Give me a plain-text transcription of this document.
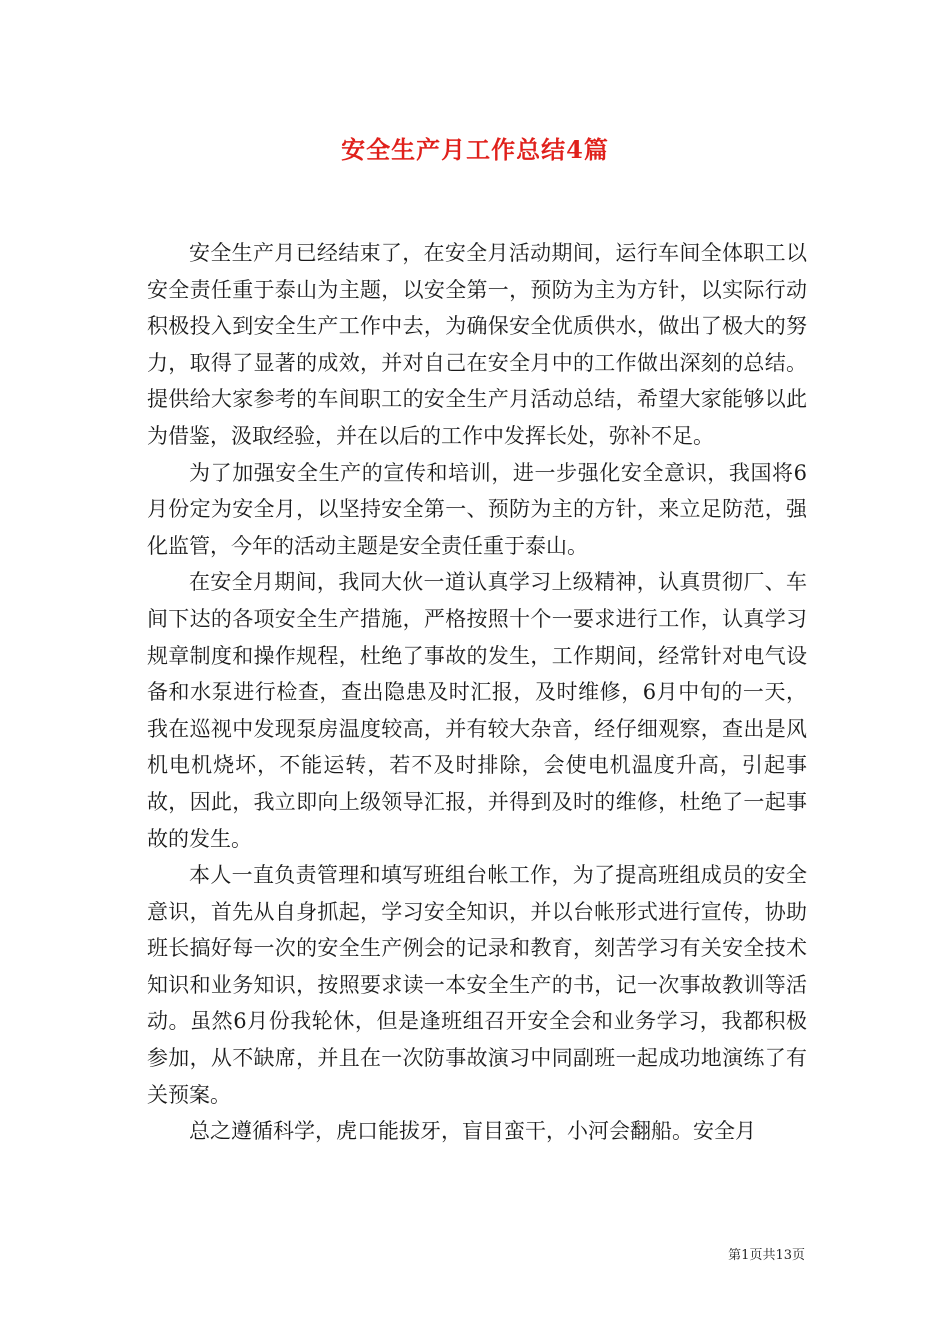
安全生产月工作总结4篇

安全生产月已经结束了，在安全月活动期间，运行车间全体职工以安全责任重于泰山为主题，以安全第一，预防为主为方针，以实际行动积极投入到安全生产工作中去，为确保安全优质供水，做出了极大的努力，取得了显著的成效，并对自己在安全月中的工作做出深刻的总结。提供给大家参考的车间职工的安全生产月活动总结，希望大家能够以此为借鉴，汲取经验，并在以后的工作中发挥长处，弥补不足。

为了加强安全生产的宣传和培训，进一步强化安全意识，我国将6月份定为安全月，以坚持安全第一、预防为主的方针，来立足防范，强化监管，今年的活动主题是安全责任重于泰山。

在安全月期间，我同大伙一道认真学习上级精神，认真贯彻厂、车间下达的各项安全生产措施，严格按照十个一要求进行工作，认真学习规章制度和操作规程，杜绝了事故的发生，工作期间，经常针对电气设备和水泵进行检查，查出隐患及时汇报，及时维修，6月中旬的一天，我在巡视中发现泵房温度较高，并有较大杂音，经仔细观察，查出是风机电机烧坏，不能运转，若不及时排除，会使电机温度升高，引起事故，因此，我立即向上级领导汇报，并得到及时的维修，杜绝了一起事故的发生。

本人一直负责管理和填写班组台帐工作，为了提高班组成员的安全意识，首先从自身抓起，学习安全知识，并以台帐形式进行宣传，协助班长搞好每一次的安全生产例会的记录和教育，刻苦学习有关安全技术知识和业务知识，按照要求读一本安全生产的书，记一次事故教训等活动。虽然6月份我轮休，但是逢班组召开安全会和业务学习，我都积极参加，从不缺席，并且在一次防事故演习中同副班一起成功地演练了有关预案。

总之遵循科学，虎口能拔牙，盲目蛮干，小河会翻船。安全月

第1页共13页
